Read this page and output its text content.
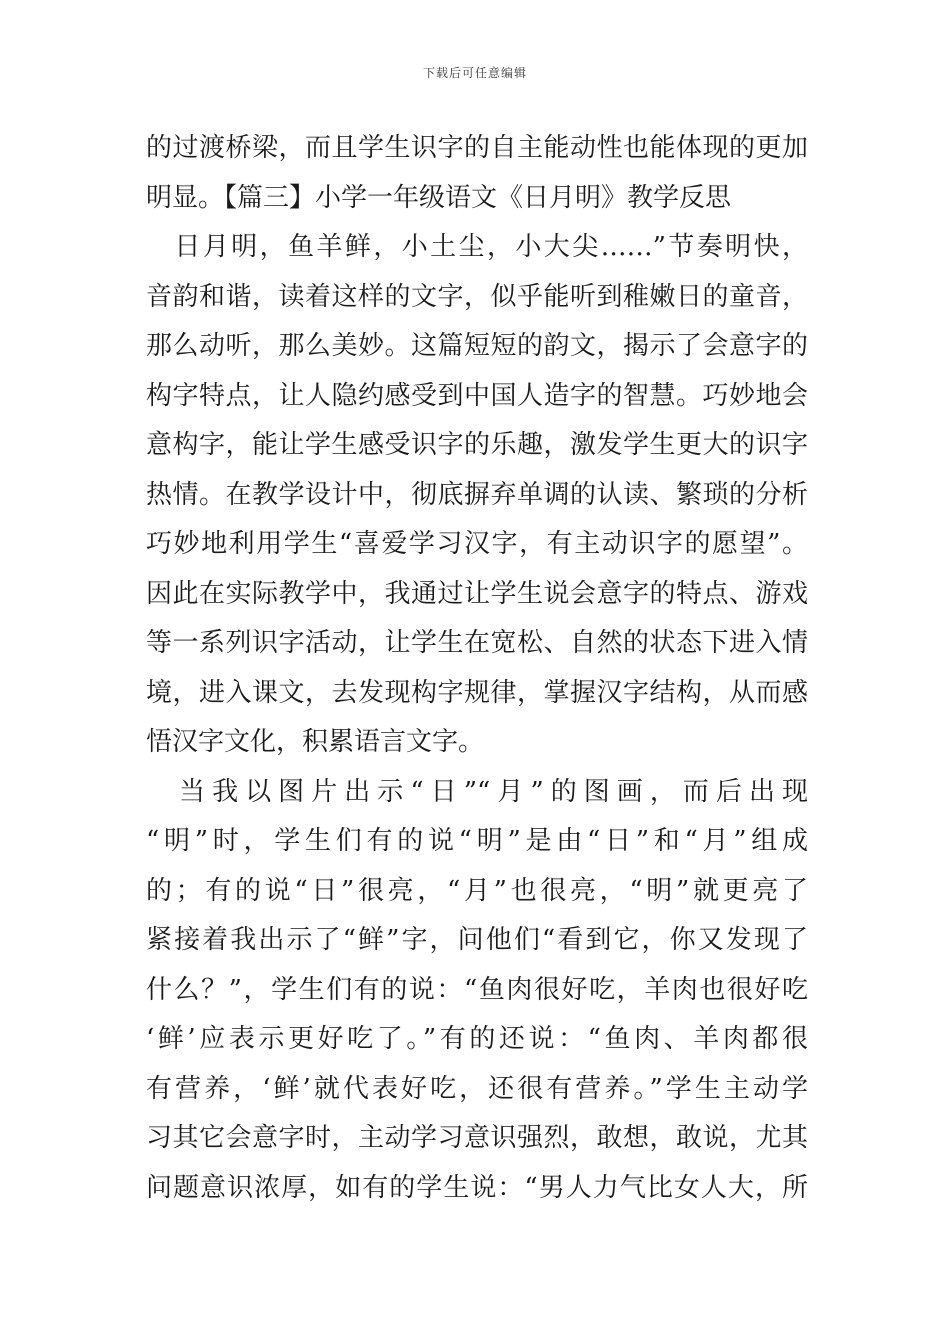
下载后可任意编辑
的过渡桥梁，而且学生识字的自主能动性也能体现的更加
明显。【篇三】小学一年级语文《日月明》教学反思
　日月明，鱼羊鲜，小土尘，小大尖……”节奏明快，
音韵和谐，读着这样的文字，似乎能听到稚嫩日的童音，
那么动听，那么美妙。这篇短短的韵文，揭示了会意字的
构字特点，让人隐约感受到中国人造字的智慧。巧妙地会
意构字，能让学生感受识字的乐趣，激发学生更大的识字
热情。在教学设计中，彻底摒弃单调的认读、繁琐的分析
巧妙地利用学生“喜爱学习汉字，有主动识字的愿望”。
因此在实际教学中，我通过让学生说会意字的特点、游戏
等一系列识字活动，让学生在宽松、自然的状态下进入情
境，进入课文，去发现构字规律，掌握汉字结构，从而感
悟汉字文化，积累语言文字。
　当我以图片出示“日”“月”的图画，而后出现
“明”时，学生们有的说“明”是由“日”和“月”组成
的；有的说“日”很亮，“月”也很亮，“明”就更亮了
紧接着我出示了“鲜”字，问他们“看到它，你又发现了
什么？”，学生们有的说：“鱼肉很好吃，羊肉也很好吃
‘鲜’应表示更好吃了。”有的还说：“鱼肉、羊肉都很
有营养，‘鲜’就代表好吃，还很有营养。”学生主动学
习其它会意字时，主动学习意识强烈，敢想，敢说，尤其
问题意识浓厚，如有的学生说：“男人力气比女人大，所
